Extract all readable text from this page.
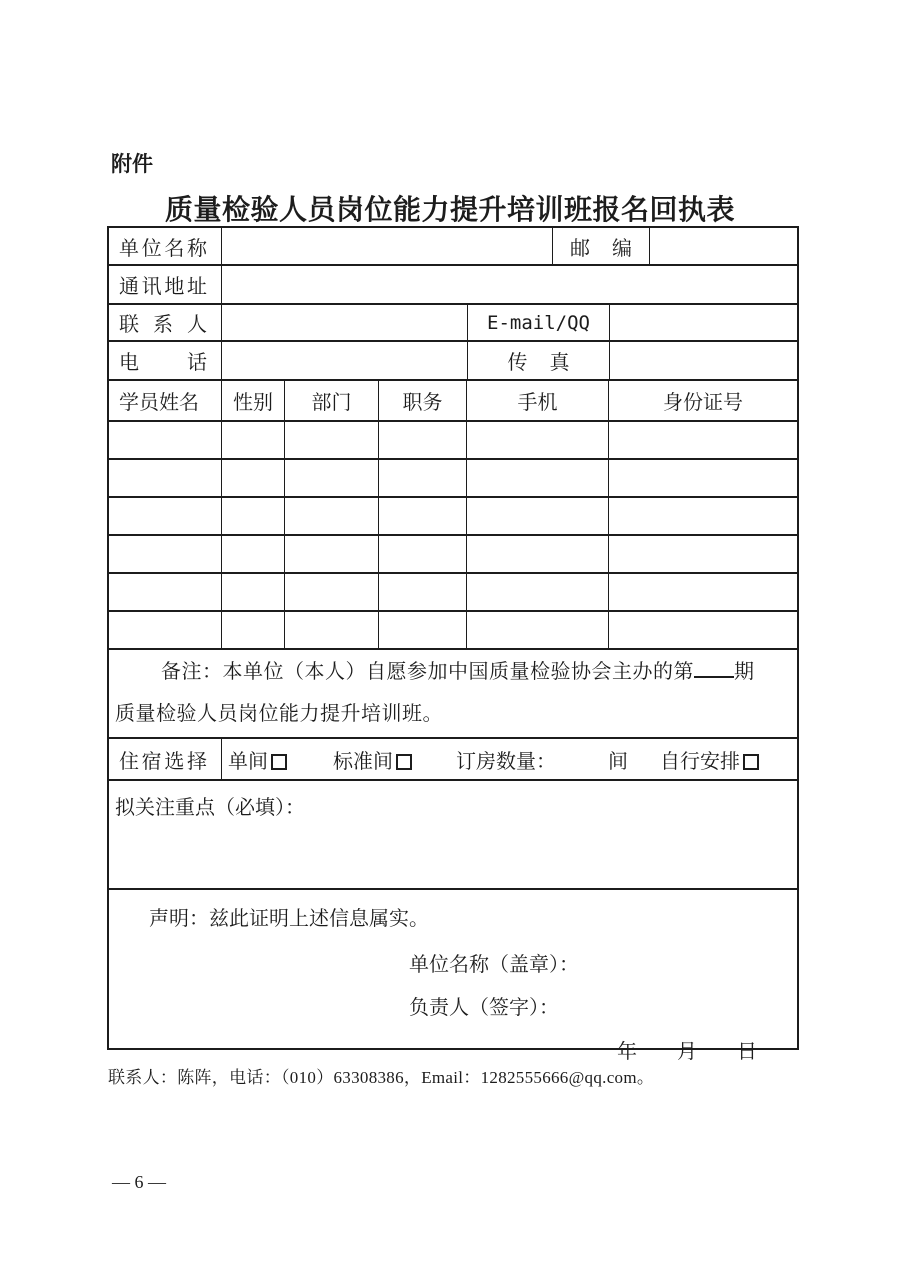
附件
质量检验人员岗位能力提升培训班报名回执表
单位名称	邮编
通讯地址
联系人	E-mail/QQ
电话	传真
学员姓名 性别 部门	职务	手机	身份证号
备注：本单位（本人）自愿参加中国质量检验协会主办的第 期
质量检验人员岗位能力提升培训班。
住宿选择 单间	标准间	订房数量：	间 自行安排
拟关注重点（必填）：
声明：兹此证明上述信息属实。
单位名称（盖章）：
负责人（签字）：
年　　月　　日
联系人：陈阵，电话：（010）63308386，Email：1282555666@qq.com。
— 6 —
